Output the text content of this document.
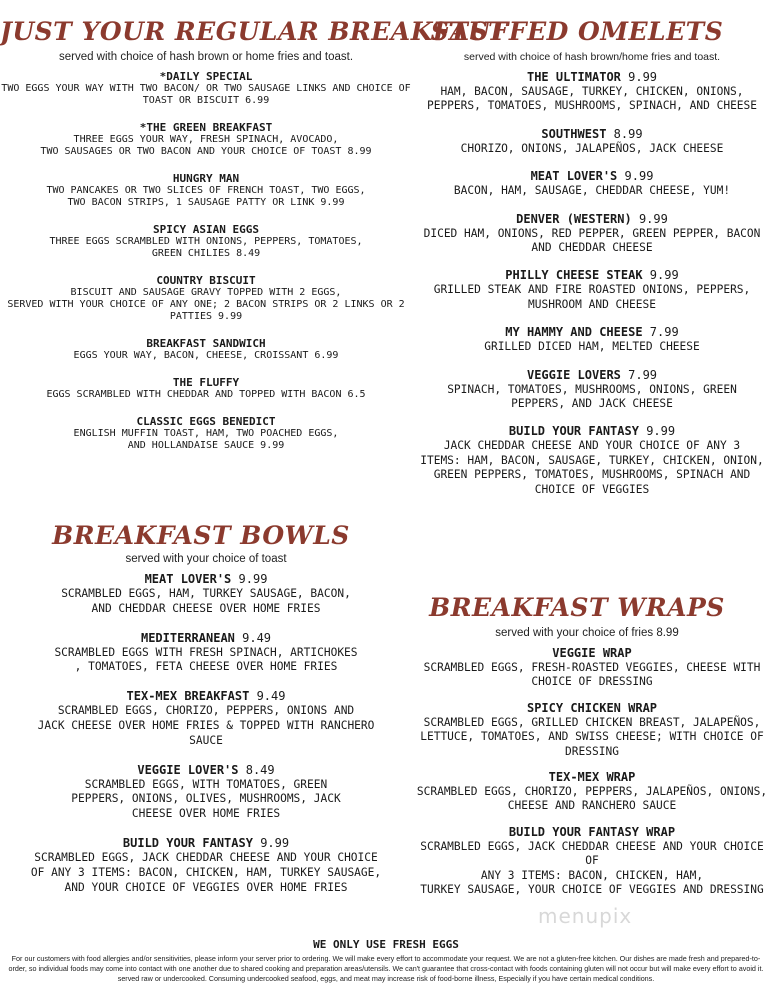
JUST YOUR REGULAR BREAKFAST
served with choice of hash brown or home fries and toast.
*DAILY SPECIAL
TWO EGGS YOUR WAY WITH TWO BACON/ OR TWO SAUSAGE LINKS AND CHOICE OF
TOAST OR BISCUIT 6.99
*THE GREEN BREAKFAST
THREE EGGS YOUR WAY, FRESH SPINACH, AVOCADO,
TWO SAUSAGES OR TWO BACON AND YOUR CHOICE OF TOAST 8.99
HUNGRY MAN
TWO PANCAKES OR TWO SLICES OF FRENCH TOAST, TWO EGGS,
TWO BACON STRIPS, 1 SAUSAGE PATTY OR LINK 9.99
SPICY ASIAN EGGS
THREE EGGS SCRAMBLED WITH ONIONS, PEPPERS, TOMATOES,
GREEN CHILIES 8.49
COUNTRY BISCUIT
BISCUIT AND SAUSAGE GRAVY TOPPED WITH 2 EGGS,
SERVED WITH YOUR CHOICE OF ANY ONE; 2 BACON STRIPS OR 2 LINKS OR 2
PATTIES 9.99
BREAKFAST SANDWICH
EGGS YOUR WAY, BACON, CHEESE, CROISSANT 6.99
THE FLUFFY
EGGS SCRAMBLED WITH CHEDDAR AND TOPPED WITH BACON 6.5
CLASSIC EGGS BENEDICT
ENGLISH MUFFIN TOAST, HAM, TWO POACHED EGGS,
AND HOLLANDAISE SAUCE 9.99
BREAKFAST BOWLS
served with your choice of toast
MEAT LOVER'S 9.99
SCRAMBLED EGGS, HAM, TURKEY SAUSAGE, BACON,
AND CHEDDAR CHEESE OVER HOME FRIES
MEDITERRANEAN 9.49
SCRAMBLED EGGS WITH FRESH SPINACH, ARTICHOKES
, TOMATOES, FETA CHEESE OVER HOME FRIES
TEX-MEX BREAKFAST 9.49
SCRAMBLED EGGS, CHORIZO, PEPPERS, ONIONS AND
JACK CHEESE OVER HOME FRIES & TOPPED WITH RANCHERO
SAUCE
VEGGIE LOVER'S 8.49
SCRAMBLED EGGS, WITH TOMATOES, GREEN
PEPPERS, ONIONS, OLIVES, MUSHROOMS, JACK
CHEESE OVER HOME FRIES
BUILD YOUR FANTASY 9.99
SCRAMBLED EGGS, JACK CHEDDAR CHEESE AND YOUR CHOICE
OF ANY 3 ITEMS: BACON, CHICKEN, HAM, TURKEY SAUSAGE,
AND YOUR CHOICE OF VEGGIES OVER HOME FRIES
STUFFED OMELETS
served with choice of hash brown/home fries and toast.
THE ULTIMATOR 9.99
HAM, BACON, SAUSAGE, TURKEY, CHICKEN, ONIONS,
PEPPERS, TOMATOES, MUSHROOMS, SPINACH, AND CHEESE
SOUTHWEST 8.99
CHORIZO, ONIONS, JALAPEÑOS, JACK CHEESE
MEAT LOVER'S 9.99
BACON, HAM, SAUSAGE, CHEDDAR CHEESE, YUM!
DENVER (WESTERN) 9.99
DICED HAM, ONIONS, RED PEPPER, GREEN PEPPER, BACON
AND CHEDDAR CHEESE
PHILLY CHEESE STEAK 9.99
GRILLED STEAK AND FIRE ROASTED ONIONS, PEPPERS,
MUSHROOM AND CHEESE
MY HAMMY AND CHEESE 7.99
GRILLED DICED HAM, MELTED CHEESE
VEGGIE LOVERS 7.99
SPINACH, TOMATOES, MUSHROOMS, ONIONS, GREEN
PEPPERS, AND JACK CHEESE
BUILD YOUR FANTASY 9.99
JACK CHEDDAR CHEESE AND YOUR CHOICE OF ANY 3
ITEMS: HAM, BACON, SAUSAGE, TURKEY, CHICKEN, ONION,
GREEN PEPPERS, TOMATOES, MUSHROOMS, SPINACH AND
CHOICE OF VEGGIES
BREAKFAST WRAPS
served with your choice of fries 8.99
VEGGIE WRAP
SCRAMBLED EGGS, FRESH-ROASTED VEGGIES, CHEESE WITH
CHOICE OF DRESSING
SPICY CHICKEN WRAP
SCRAMBLED EGGS, GRILLED CHICKEN BREAST, JALAPEÑOS,
LETTUCE, TOMATOES, AND SWISS CHEESE; WITH CHOICE OF
DRESSING
TEX-MEX WRAP
SCRAMBLED EGGS, CHORIZO, PEPPERS, JALAPEÑOS, ONIONS,
CHEESE AND RANCHERO SAUCE
BUILD YOUR FANTASY WRAP
SCRAMBLED EGGS, JACK CHEDDAR CHEESE AND YOUR CHOICE OF
ANY 3 ITEMS: BACON, CHICKEN, HAM,
TURKEY SAUSAGE, YOUR CHOICE OF VEGGIES AND DRESSING
menupix
WE ONLY USE FRESH EGGS
For our customers with food allergies and/or sensitivities, please inform your server prior to ordering. We will make every effort to accommodate your request. We are not a gluten-free kitchen. Our dishes are made fresh and prepared-to-order, so individual foods may come into contact with one another due to shared cooking and preparation areas/utensils. We can't guarantee that cross-contact with foods containing gluten will not occur but will make every effort to avoid it. served raw or undercooked. Consuming undercooked seafood, eggs, and meat may increase risk of food-borne illness, Especially if you have certain medical conditions.
